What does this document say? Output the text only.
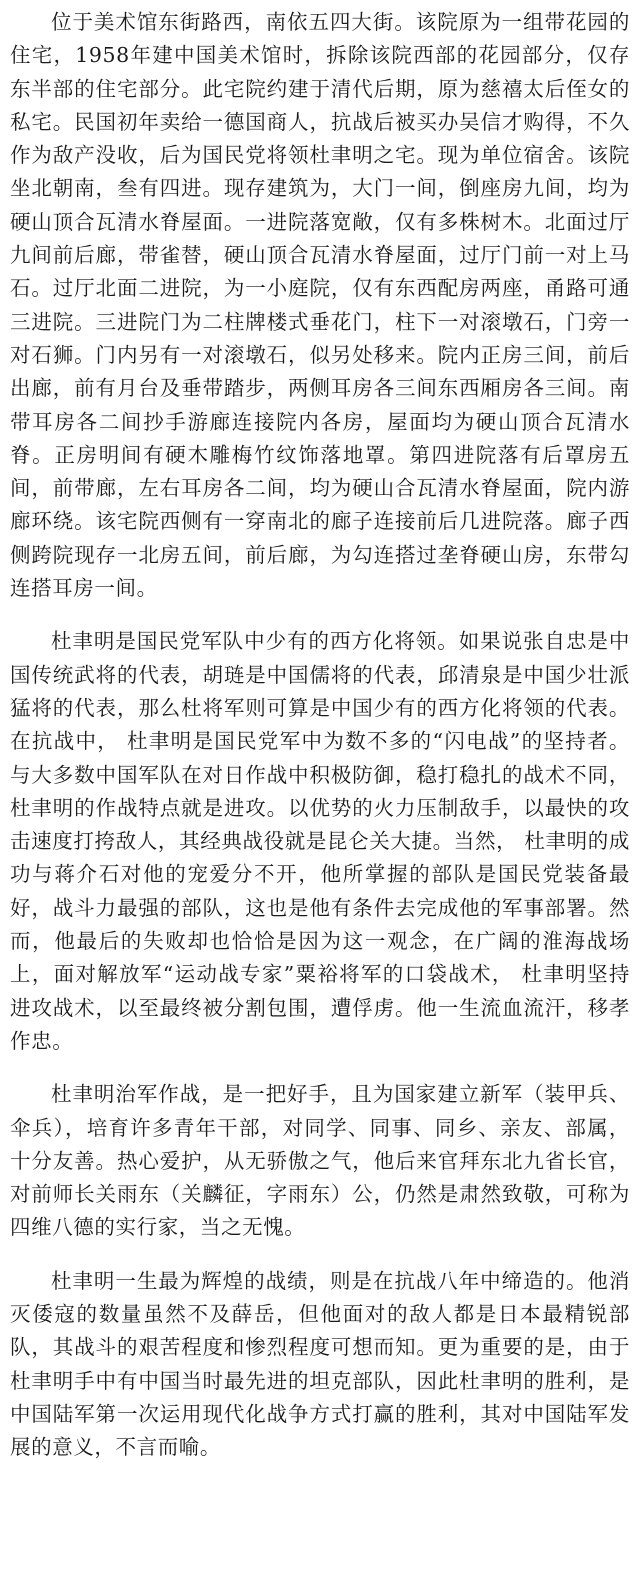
位于美术馆东街路西，南依五四大街。该院原为一组带花园的住宅，1958年建中国美术馆时，拆除该院西部的花园部分，仅存东半部的住宅部分。此宅院约建于清代后期，原为慈禧太后侄女的私宅。民国初年卖给一德国商人，抗战后被买办吴信才购得，不久作为敌产没收，后为国民党将领杜聿明之宅。现为单位宿舍。该院坐北朝南，叁有四进。现存建筑为，大门一间，倒座房九间，均为硬山顶合瓦清水脊屋面。一进院落宽敞，仅有多株树木。北面过厅九间前后廊，带雀替，硬山顶合瓦清水脊屋面，过厅门前一对上马石。过厅北面二进院，为一小庭院，仅有东西配房两座，甬路可通三进院。三进院门为二柱牌楼式垂花门，柱下一对滚墩石，门旁一对石狮。门内另有一对滚墩石，似另处移来。院内正房三间，前后出廊，前有月台及垂带踏步，两侧耳房各三间东西厢房各三间。南带耳房各二间抄手游廊连接院内各房，屋面均为硬山顶合瓦清水脊。正房明间有硬木雕梅竹纹饰落地罩。第四进院落有后罩房五间，前带廊，左右耳房各二间，均为硬山合瓦清水脊屋面，院内游廊环绕。该宅院西侧有一穿南北的廊子连接前后几进院落。廊子西侧跨院现存一北房五间，前后廊，为勾连搭过垄脊硬山房，东带勾连搭耳房一间。

杜聿明是国民党军队中少有的西方化将领。如果说张自忠是中国传统武将的代表，胡琏是中国儒将的代表，邱清泉是中国少壮派猛将的代表，那么杜将军则可算是中国少有的西方化将领的代表。在抗战中， 杜聿明是国民党军中为数不多的“闪电战”的坚持者。与大多数中国军队在对日作战中积极防御，稳打稳扎的战术不同， 杜聿明的作战特点就是进攻。以优势的火力压制敌手，以最快的攻击速度打挎敌人，其经典战役就是昆仑关大捷。当然， 杜聿明的成功与蒋介石对他的宠爱分不开，他所掌握的部队是国民党装备最好，战斗力最强的部队，这也是他有条件去完成他的军事部署。然而，他最后的失败却也恰恰是因为这一观念，在广阔的淮海战场上，面对解放军“运动战专家”粟裕将军的口袋战术， 杜聿明坚持进攻战术，以至最终被分割包围，遭俘虏。他一生流血流汗，移孝作忠。

杜聿明治军作战，是一把好手，且为国家建立新军（装甲兵、伞兵），培育许多青年干部，对同学、同事、同乡、亲友、部属，十分友善。热心爱护，从无骄傲之气，他后来官拜东北九省长官，对前师长关雨东（关麟征，字雨东）公，仍然是肃然致敬，可称为四维八德的实行家，当之无愧。

杜聿明一生最为辉煌的战绩，则是在抗战八年中缔造的。他消灭倭寇的数量虽然不及薛岳，但他面对的敌人都是日本最精锐部队，其战斗的艰苦程度和惨烈程度可想而知。更为重要的是，由于杜聿明手中有中国当时最先进的坦克部队，因此杜聿明的胜利，是中国陆军第一次运用现代化战争方式打赢的胜利，其对中国陆军发展的意义，不言而喻。
